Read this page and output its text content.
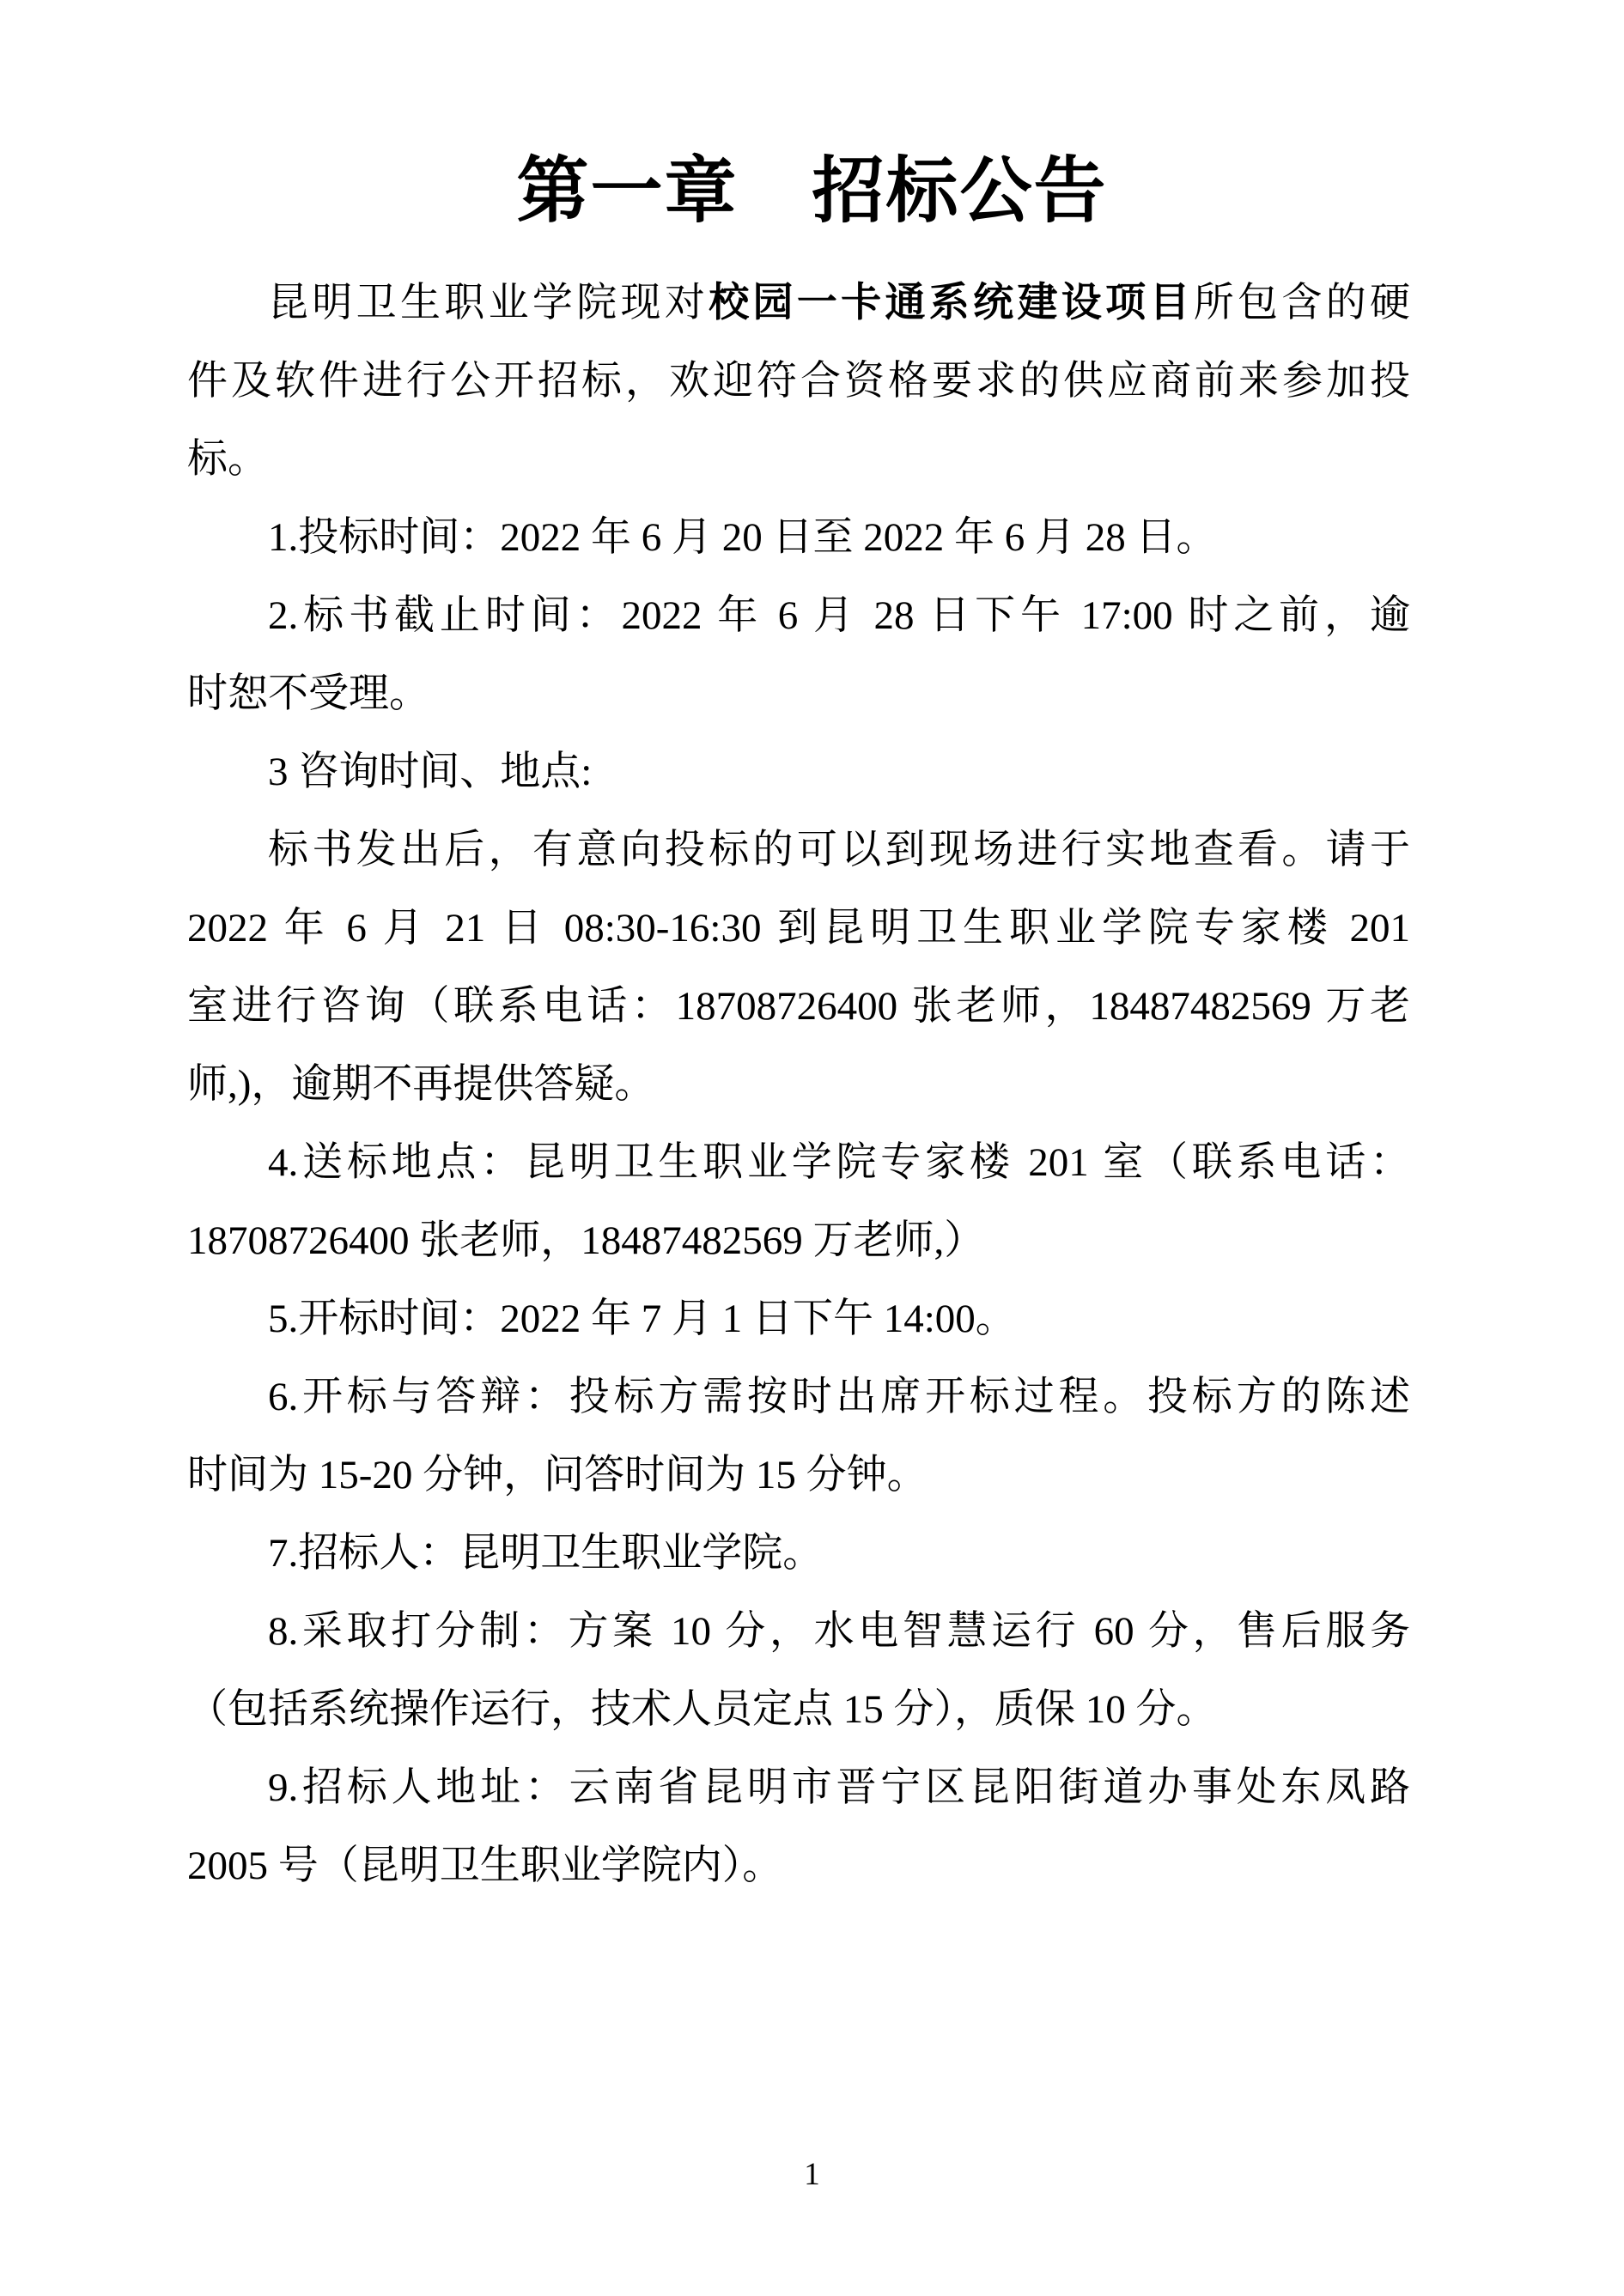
第一章　招标公告
昆明卫生职业学院现对校园一卡通系统建设项目所包含的硬
件及软件进行公开招标，欢迎符合资格要求的供应商前来参加投
标。
1.投标时间：2022 年 6 月 20 日至 2022 年 6 月 28 日。
2.标书截止时间：2022 年 6 月 28 日下午 17:00 时之前，逾
时恕不受理。
3 咨询时间、地点:
标书发出后，有意向投标的可以到现场进行实地查看。请于
2022 年 6 月 21 日 08:30-16:30 到昆明卫生职业学院专家楼 201
室进行咨询（联系电话：18708726400 张老师，18487482569 万老
师,)，逾期不再提供答疑。
4.送标地点：昆明卫生职业学院专家楼 201 室（联系电话：
18708726400 张老师，18487482569 万老师,）
5.开标时间：2022 年 7 月 1 日下午 14:00。
6.开标与答辩：投标方需按时出席开标过程。投标方的陈述
时间为 15-20 分钟，问答时间为 15 分钟。
7.招标人：昆明卫生职业学院。
8.采取打分制：方案 10 分，水电智慧运行 60 分，售后服务
（包括系统操作运行，技术人员定点 15 分），质保 10 分。
9.招标人地址：云南省昆明市晋宁区昆阳街道办事处东凤路
2005 号（昆明卫生职业学院内）。
1
